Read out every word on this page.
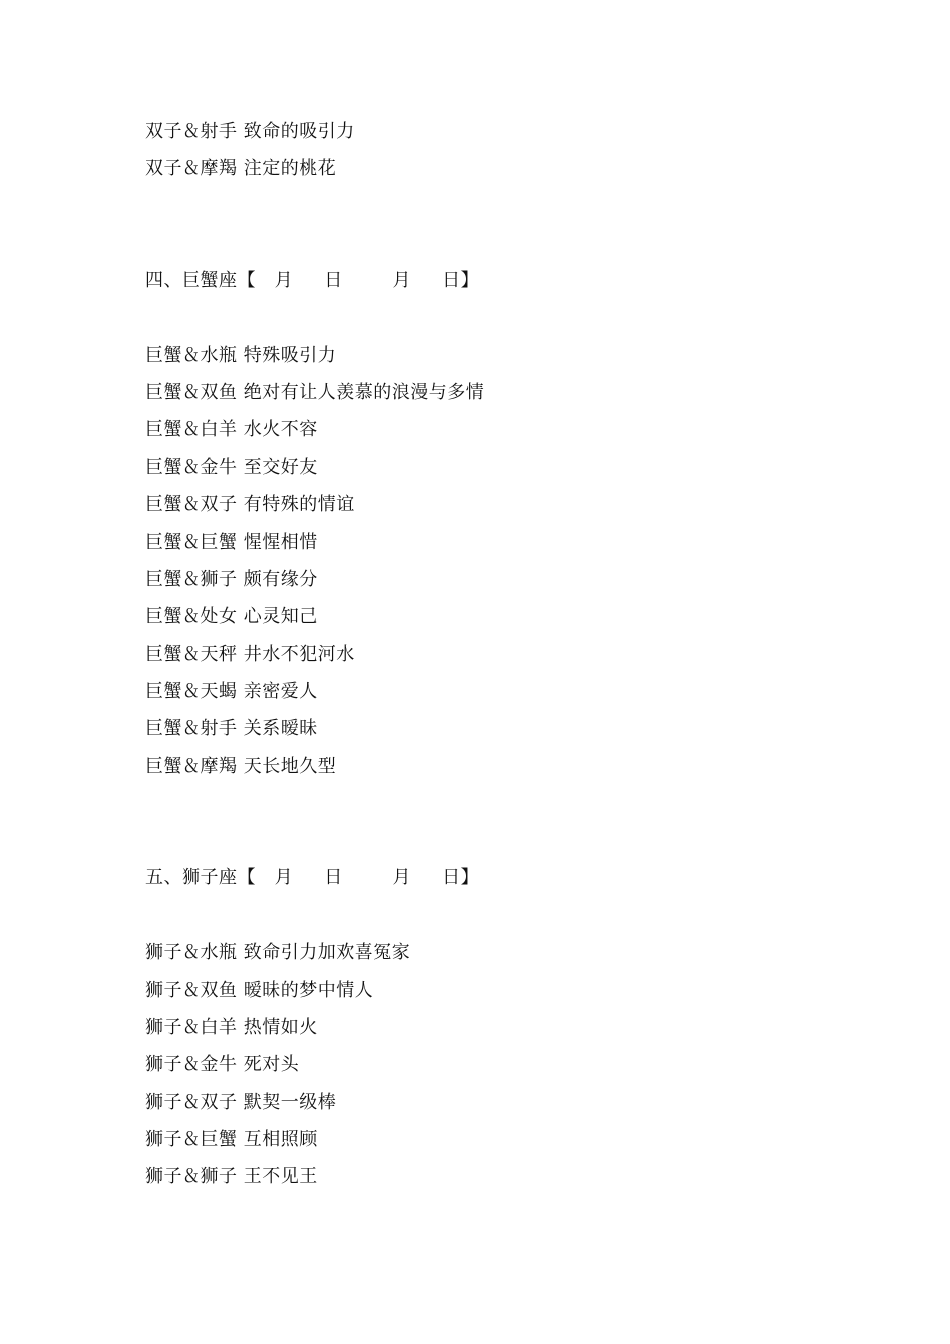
双子＆射手 致命的吸引力
双子＆摩羯 注定的桃花
四、巨蟹座【   月     日        月     日】
巨蟹＆水瓶 特殊吸引力
巨蟹＆双鱼 绝对有让人羡慕的浪漫与多情
巨蟹＆白羊 水火不容
巨蟹＆金牛 至交好友
巨蟹＆双子 有特殊的情谊
巨蟹＆巨蟹 惺惺相惜
巨蟹＆狮子 颇有缘分
巨蟹＆处女 心灵知己
巨蟹＆天秤 井水不犯河水
巨蟹＆天蝎 亲密爱人
巨蟹＆射手 关系暧昧
巨蟹＆摩羯 天长地久型
五、狮子座【   月     日        月     日】
狮子＆水瓶 致命引力加欢喜冤家
狮子＆双鱼 暧昧的梦中情人
狮子＆白羊 热情如火
狮子＆金牛 死对头
狮子＆双子 默契一级棒
狮子＆巨蟹 互相照顾
狮子＆狮子 王不见王
